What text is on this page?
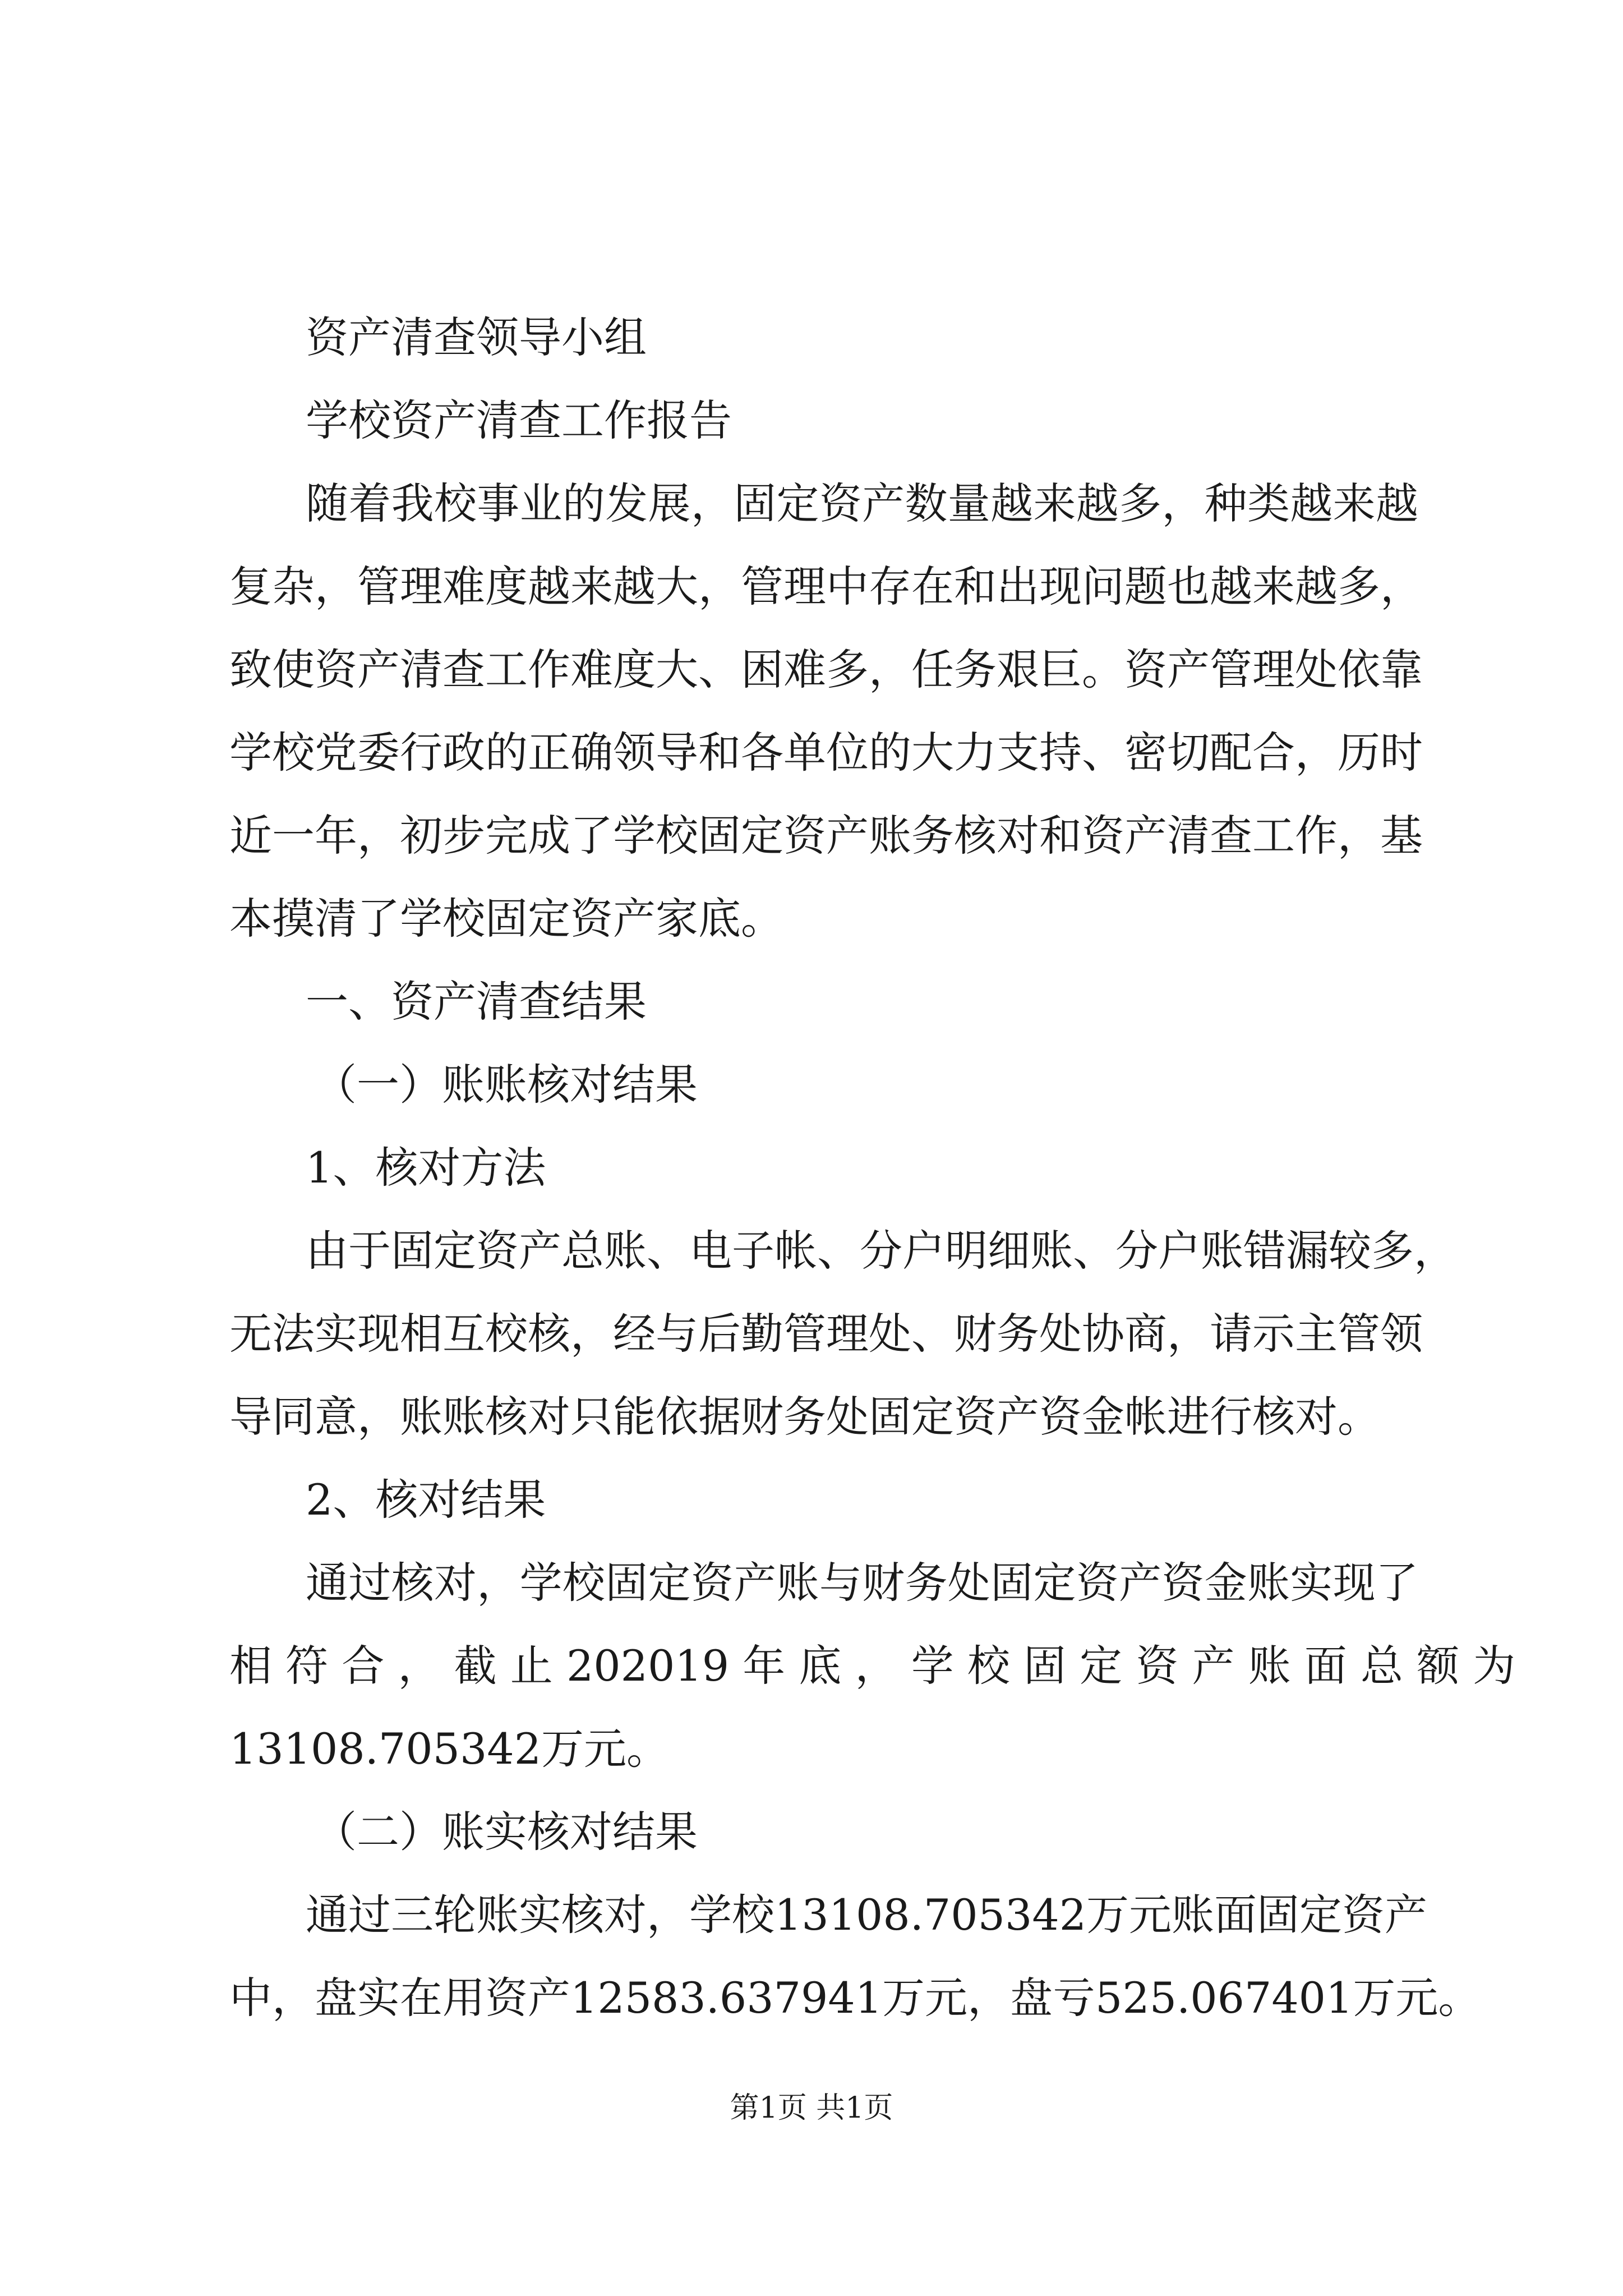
资产清查领导小组
学校资产清查工作报告
随着我校事业的发展，固定资产数量越来越多，种类越来越
复杂，管理难度越来越大，管理中存在和出现问题也越来越多，
致使资产清查工作难度大、困难多，任务艰巨。资产管理处依靠
学校党委行政的正确领导和各单位的大力支持、密切配合，历时
近一年，初步完成了学校固定资产账务核对和资产清查工作，基
本摸清了学校固定资产家底。
一、资产清查结果
（一）账账核对结果
1、核对方法
由于固定资产总账、电子帐、分户明细账、分户账错漏较多，
无法实现相互校核，经与后勤管理处、财务处协商，请示主管领
导同意，账账核对只能依据财务处固定资产资金帐进行核对。
2、核对结果
通过核对，学校固定资产账与财务处固定资产资金账实现了
相 符 合 ， 截 止 202019 年 底 ， 学 校 固 定 资 产 账 面 总 额 为
13108.705342万元。
（二）账实核对结果
通过三轮账实核对，学校13108.705342万元账面固定资产
中，盘实在用资产12583.637941万元，盘亏525.067401万元。
第1页 共1页
